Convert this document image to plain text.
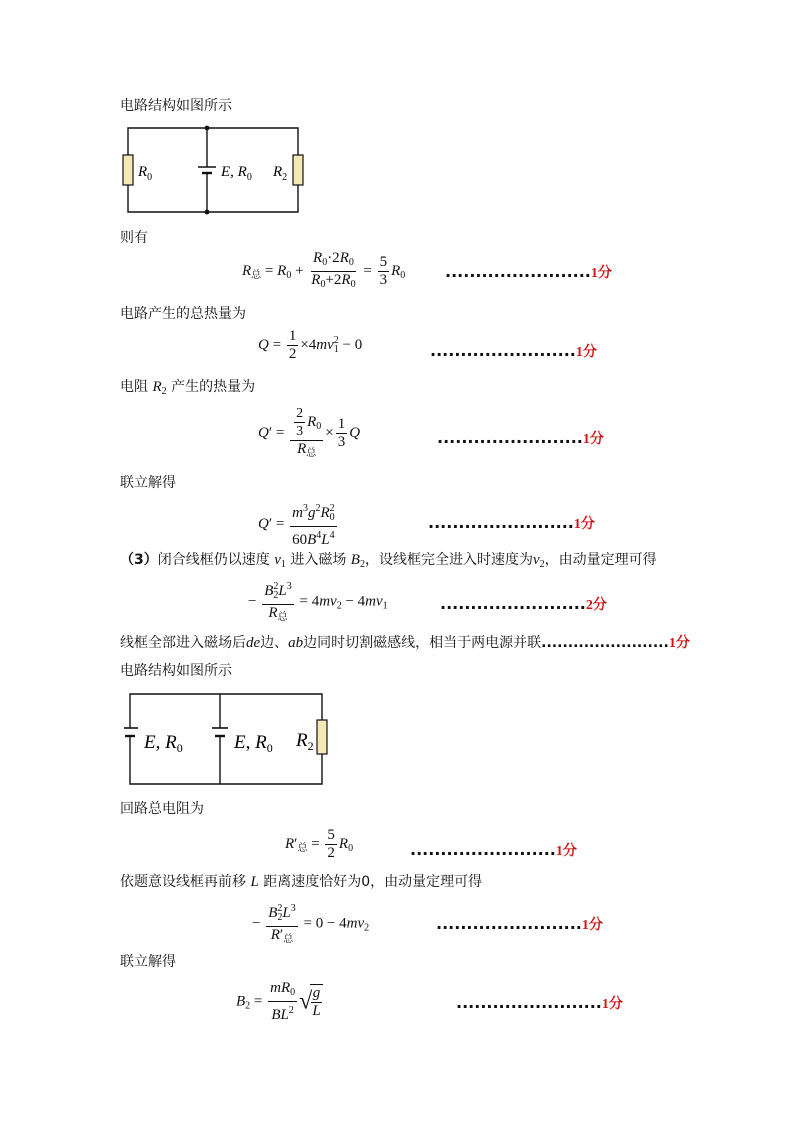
电路结构如图所示
$R_0$	E, $R_0$ $R_2$
则有
$R_总 = R_0 + \frac{R_0\cdot 2R_0}{R_0+2R_0} = \frac{5}{3} R_0$ ........................1分
电路产生的总热量为
$Q = \frac{1}{2} \times 4mv_1^2 - 0$	........................1分
电阻 $R_2$ 产生的热量为
$Q' = \frac{\frac{2}{3} R_0}{R_总} \times \frac{1}{3}$ Q	........................1分
联立解得
$Q' = \frac{m^3g^2R_0^2}{60B^4L^4}$	........................1分
（3）闭合线框仍以速度 $v_1$ 进入磁场 $B_2$，设线框完全进入时速度为$v_2$，由动量定理可得
− $\frac{B_2^2L^3}{R_总} = 4mv_2 - 4mv_1$	........................2分
线框全部进入磁场后de边、ab边同时切割磁感线，相当于两电源并联........................1分
电路结构如图所示
E, $R_0$	E, $R_0$ $R_2$
回路总电阻为
$R'_总 = \frac{5}{2} R_0$	........................1分
依题意设线框再前移 L 距离速度恰好为0，由动量定理可得
− $\frac{B_2^2L^3}{R'_总} = 0 - 4mv_2$	........................1分
联立解得
$B_2 = \frac{mR_0}{BL^2}$ √
$\frac{g}{L}$	........................1分
